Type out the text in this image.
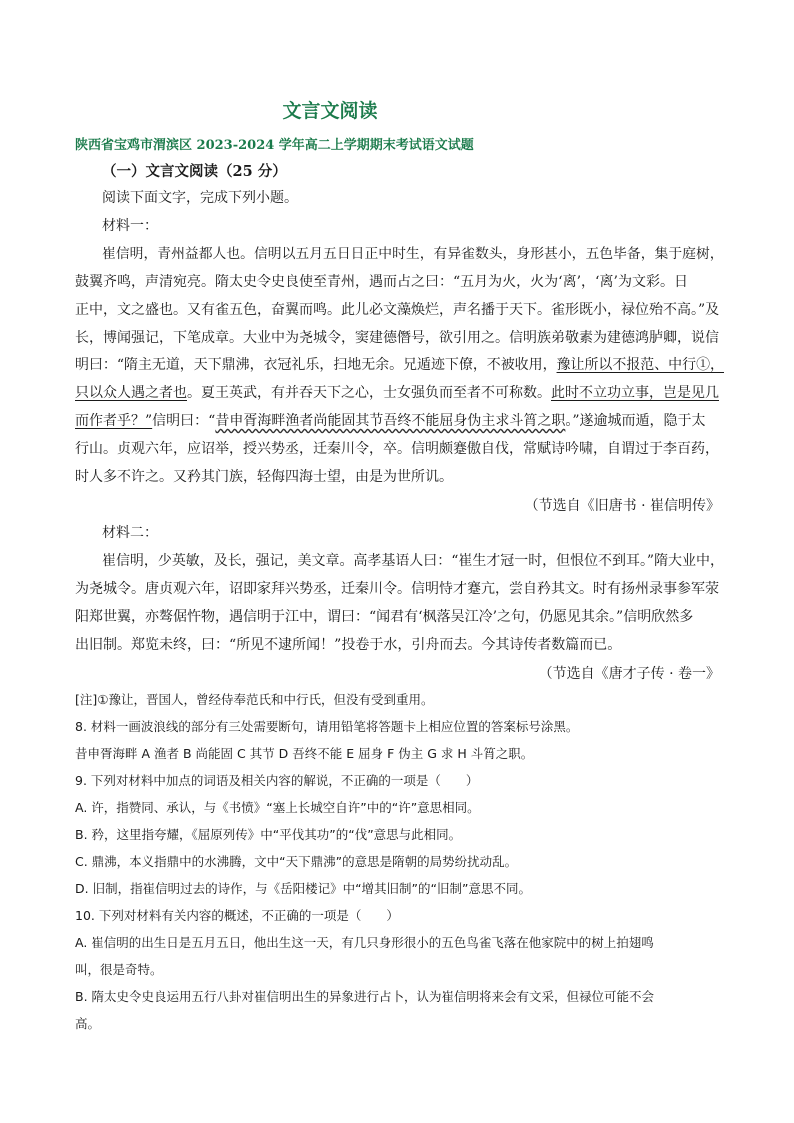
文言文阅读
陕西省宝鸡市渭滨区 2023-2024 学年高二上学期期末考试语文试题
（一）文言文阅读（25 分）
阅读下面文字，完成下列小题。
材料一：
崔信明，青州益都人也。信明以五月五日日正中时生，有异雀数头，身形甚小，五色毕备，集于庭树，
鼓翼齐鸣，声清宛亮。隋太史令史良使至青州，遇而占之曰：“五月为火，火为‘离’，‘离’为文彩。日
正中，文之盛也。又有雀五色，奋翼而鸣。此儿必文藻焕烂，声名播于天下。雀形既小，禄位殆不高。”及
长，博闻强记，下笔成章。大业中为尧城令，窦建德僭号，欲引用之。信明族弟敬素为建德鸿胪卿，说信
明曰：“隋主无道，天下鼎沸，衣冠礼乐，扫地无余。兄遁迹下僚，不被收用，豫让所以不报范、中行①，
只以众人遇之者也。夏王英武，有并吞天下之心，士女强负而至者不可称数。此时不立功立事，岂是见几
而作者乎？”信明曰：“昔申胥海畔渔者尚能固其节吾终不能屈身伪主求斗筲之职。”遂逾城而遁，隐于太
行山。贞观六年，应诏举，授兴势丞，迁秦川令，卒。信明颇蹇傲自伐，常赋诗吟啸，自谓过于李百药，
时人多不许之。又矜其门族，轻侮四海士望，由是为世所讥。
（节选自《旧唐书 · 崔信明传》
材料二：
崔信明，少英敏，及长，强记，美文章。高孝基语人曰：“崔生才冠一时，但恨位不到耳。”隋大业中，
为尧城令。唐贞观六年，诏即家拜兴势丞，迁秦川令。信明恃才蹇亢，尝自矜其文。时有扬州录事参军荥
阳郑世翼，亦骜倨忤物，遇信明于江中，谓曰：“闻君有‘枫落吴江冷’之句，仍愿见其余。”信明欣然多
出旧制。郑览未终，曰：“所见不逮所闻！”投卷于水，引舟而去。今其诗传者数篇而已。
（节选自《唐才子传 · 卷一》
[注]①豫让，晋国人，曾经侍奉范氏和中行氏，但没有受到重用。
8. 材料一画波浪线的部分有三处需要断句，请用铅笔将答题卡上相应位置的答案标号涂黑。
昔申胥海畔 A 渔者 B 尚能固 C 其节 D 吾终不能 E 屈身 F 伪主 G 求 H 斗筲之职。
9. 下列对材料中加点的词语及相关内容的解说，不正确的一项是（　　）
A. 许，指赞同、承认，与《书愤》“塞上长城空自许”中的“许”意思相同。
B. 矜，这里指夸耀，《屈原列传》中“平伐其功”的“伐”意思与此相同。
C. 鼎沸，本义指鼎中的水沸腾，文中“天下鼎沸”的意思是隋朝的局势纷扰动乱。
D. 旧制，指崔信明过去的诗作，与《岳阳楼记》中“增其旧制”的“旧制”意思不同。
10. 下列对材料有关内容的概述，不正确的一项是（　　）
A. 崔信明的出生日是五月五日，他出生这一天，有几只身形很小的五色鸟雀飞落在他家院中的树上拍翅鸣
叫，很是奇特。
B. 隋太史令史良运用五行八卦对崔信明出生的异象进行占卜，认为崔信明将来会有文采，但禄位可能不会
高。
